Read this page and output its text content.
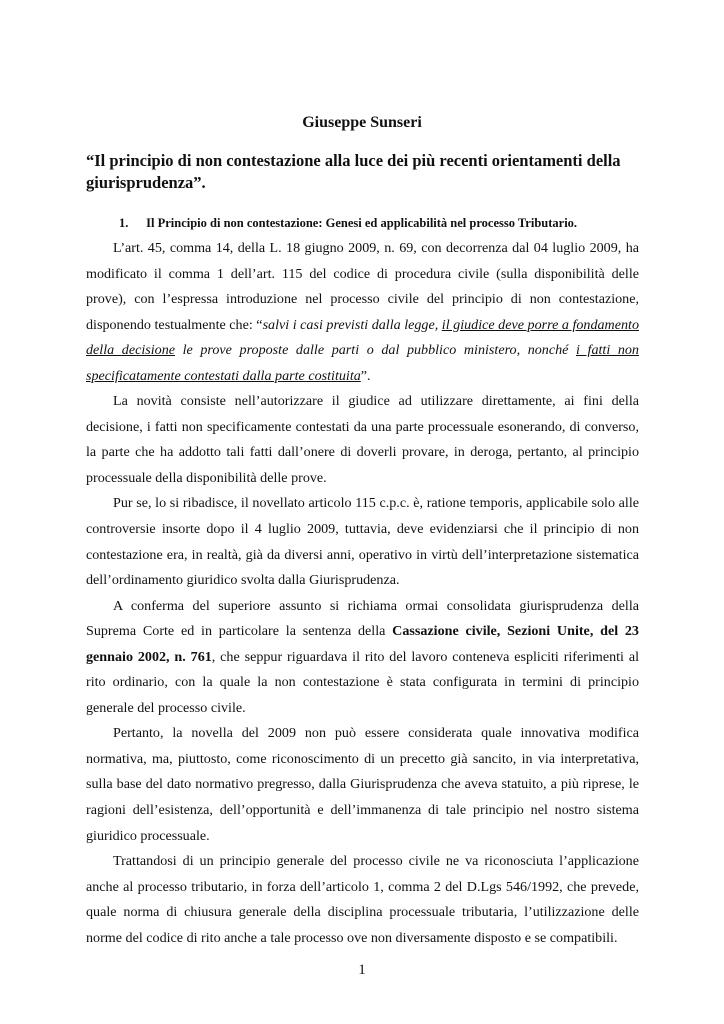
Giuseppe Sunseri
“Il principio di non contestazione alla luce dei più recenti orientamenti della giurisprudenza”.
1. Il Principio di non contestazione: Genesi ed applicabilità nel processo Tributario.

L’art. 45, comma 14, della L. 18 giugno 2009, n. 69, con decorrenza dal 04 luglio 2009, ha modificato il comma 1 dell’art. 115 del codice di procedura civile (sulla disponibilità delle prove), con l’espressa introduzione nel processo civile del principio di non contestazione, disponendo testualmente che: “salvi i casi previsti dalla legge, il giudice deve porre a fondamento della decisione le prove proposte dalle parti o dal pubblico ministero, nonché i fatti non specificatamente contestati dalla parte costituita”.

La novità consiste nell’autorizzare il giudice ad utilizzare direttamente, ai fini della decisione, i fatti non specificamente contestati da una parte processuale esonerando, di converso, la parte che ha addotto tali fatti dall’onere di doverli provare, in deroga, pertanto, al principio processuale della disponibilità delle prove.

Pur se, lo si ribadisce, il novellato articolo 115 c.p.c. è, ratione temporis, applicabile solo alle controversie insorte dopo il 4 luglio 2009, tuttavia, deve evidenziarsi che il principio di non contestazione era, in realtà, già da diversi anni, operativo in virtù dell’interpretazione sistematica dell’ordinamento giuridico svolta dalla Giurisprudenza.

A conferma del superiore assunto si richiama ormai consolidata giurisprudenza della Suprema Corte ed in particolare la sentenza della Cassazione civile, Sezioni Unite, del 23 gennaio 2002, n. 761, che seppur riguardava il rito del lavoro conteneva espliciti riferimenti al rito ordinario, con la quale la non contestazione è stata configurata in termini di principio generale del processo civile.

Pertanto, la novella del 2009 non può essere considerata quale innovativa modifica normativa, ma, piuttosto, come riconoscimento di un precetto già sancito, in via interpretativa, sulla base del dato normativo pregresso, dalla Giurisprudenza che aveva statuito, a più riprese, le ragioni dell’esistenza, dell’opportunità e dell’immanenza di tale principio nel nostro sistema giuridico processuale.

Trattandosi di un principio generale del processo civile ne va riconosciuta l’applicazione anche al processo tributario, in forza dell’articolo 1, comma 2 del D.Lgs 546/1992, che prevede, quale norma di chiusura generale della disciplina processuale tributaria, l’utilizzazione delle norme del codice di rito anche a tale processo ove non diversamente disposto e se compatibili.

1
